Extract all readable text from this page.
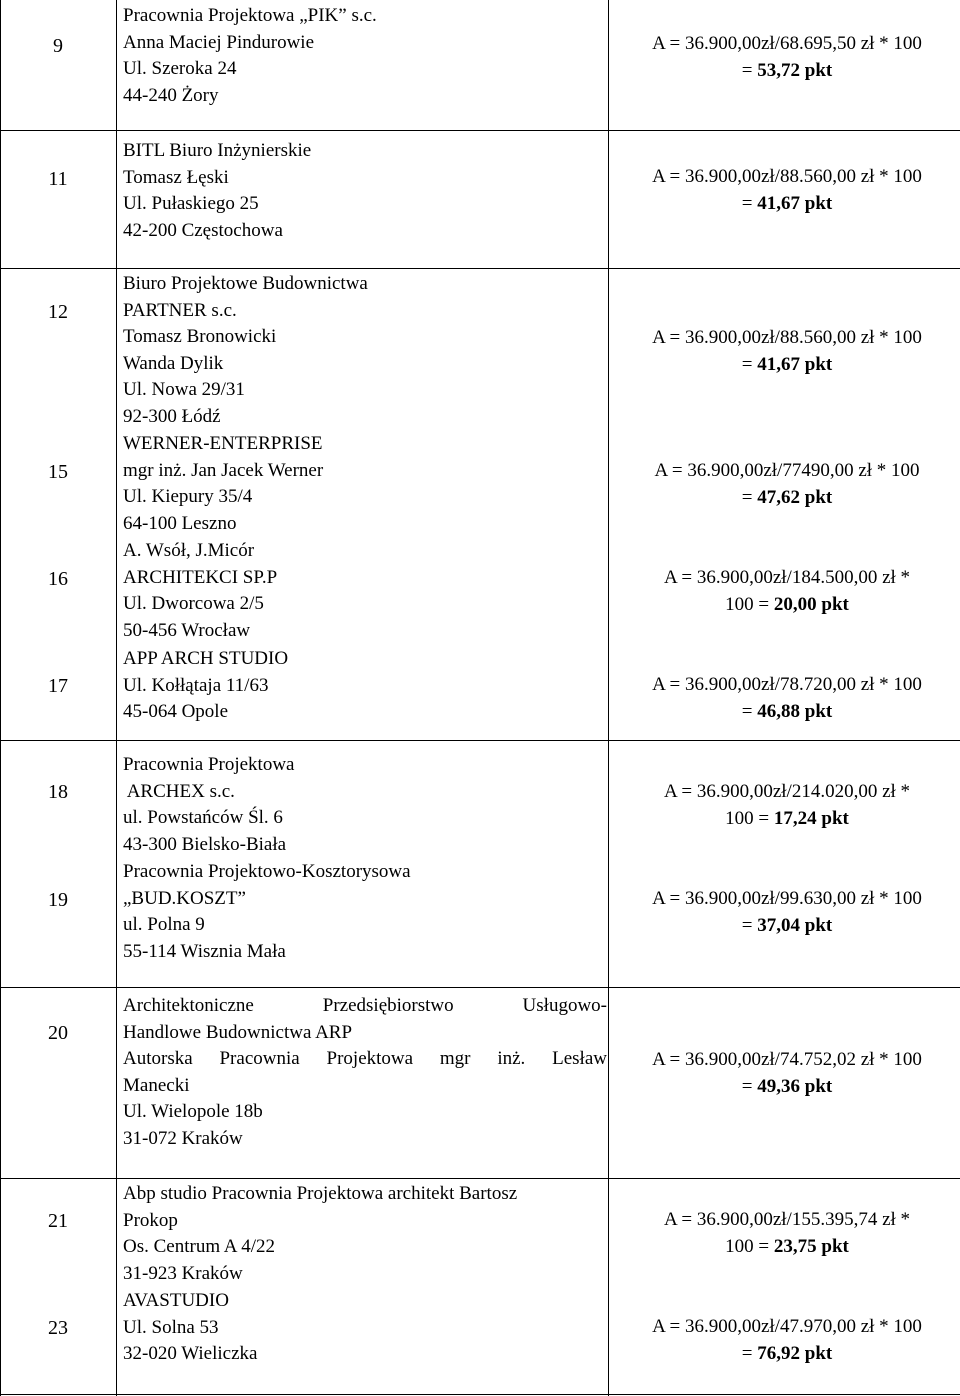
9
Pracownia Projektowa „PIK” s.c.
Anna Maciej Pindurowie
Ul. Szeroka 24
44-240 Żory
A = 36.900,00zł/68.695,50 zł * 100
= 53,72 pkt
11
BITL Biuro Inżynierskie
Tomasz Łęski
Ul. Pułaskiego 25
42-200 Częstochowa
A = 36.900,00zł/88.560,00 zł * 100
= 41,67 pkt
12
Biuro Projektowe Budownictwa
PARTNER s.c.
Tomasz Bronowicki
Wanda Dylik
Ul. Nowa 29/31
92-300 Łódź
A = 36.900,00zł/88.560,00 zł * 100
= 41,67 pkt
15
WERNER-ENTERPRISE
mgr inż. Jan Jacek Werner
Ul. Kiepury 35/4
64-100 Leszno
A = 36.900,00zł/77490,00 zł * 100
= 47,62 pkt
16
A. Wsół, J.Micór
ARCHITEKCI SP.P
Ul. Dworcowa 2/5
50-456 Wrocław
A = 36.900,00zł/184.500,00 zł *
100 = 20,00 pkt
17
APP ARCH STUDIO
Ul. Kołłątaja 11/63
45-064 Opole
A = 36.900,00zł/78.720,00 zł * 100
= 46,88 pkt
18
Pracownia Projektowa
ARCHEX s.c.
ul. Powstańców Śl. 6
43-300 Bielsko-Biała
A = 36.900,00zł/214.020,00 zł *
100 = 17,24 pkt
19
Pracownia Projektowo-Kosztorysowa
„BUD.KOSZT”
ul. Polna 9
55-114 Wisznia Mała
A = 36.900,00zł/99.630,00 zł * 100
= 37,04 pkt
20
Architektoniczne Przedsiębiorstwo Usługowo-
Handlowe Budownictwa ARP
Autorska Pracownia Projektowa mgr inż. Lesław
Manecki
Ul. Wielopole 18b
31-072 Kraków
A = 36.900,00zł/74.752,02 zł * 100
= 49,36 pkt
21
Abp studio Pracownia Projektowa architekt Bartosz
Prokop
Os. Centrum A 4/22
31-923 Kraków
A = 36.900,00zł/155.395,74 zł *
100 = 23,75 pkt
23
AVASTUDIO
Ul. Solna 53
32-020 Wieliczka
A = 36.900,00zł/47.970,00 zł * 100
= 76,92 pkt
